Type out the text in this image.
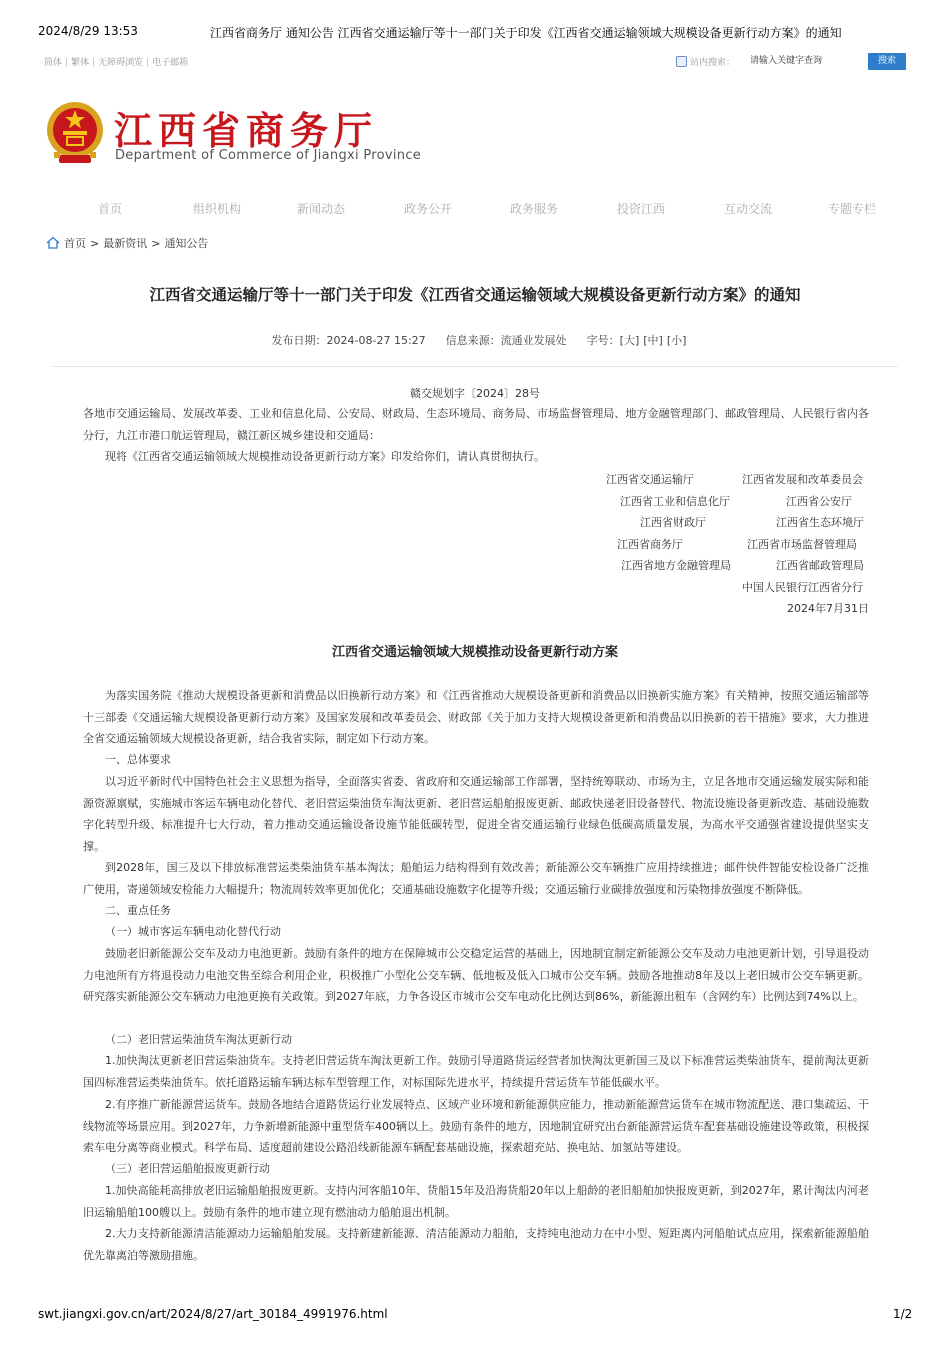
2024/8/29 13:53	江西省商务厅 通知公告 江西省交通运输厅等十一部门关于印发《江西省交通运输领域大规模设备更新行动方案》的通知
简体 | 繁体 | 无障碍浏览 | 电子邮箱	站内搜索： 请输入关键字查询	搜索
江西省商务厅
Department of Commerce of Jiangxi Province
首页	组织机构	新闻动态	政务公开	政务服务	投资江西	互动交流	专题专栏
首页 > 最新资讯 > 通知公告
江西省交通运输厅等十一部门关于印发《江西省交通运输领域大规模设备更新行动方案》的通知
发布日期：2024-08-27 15:27 信息来源：流通业发展处 字号：[大] [中] [小]
赣交规划字〔2024〕28号
各地市交通运输局、发展改革委、工业和信息化局、公安局、财政局、生态环境局、商务局、市场监督管理局、地方金融管理部门、邮政管理局、人民银行省内各分行，九江市港口航运管理局，赣江新区城乡建设和交通局：
现将《江西省交通运输领域大规模推动设备更新行动方案》印发给你们，请认真贯彻执行。
江西省交通运输厅	江西省发展和改革委员会
江西省工业和信息化厅	江西省公安厅
江西省财政厅	江西省生态环境厅
江西省商务厅	江西省市场监督管理局
江西省地方金融管理局	江西省邮政管理局
中国人民银行江西省分行
2024年7月31日
江西省交通运输领域大规模推动设备更新行动方案
为落实国务院《推动大规模设备更新和消费品以旧换新行动方案》和《江西省推动大规模设备更新和消费品以旧换新实施方案》有关精神，按照交通运输部等十三部委《交通运输大规模设备更新行动方案》及国家发展和改革委员会、财政部《关于加力支持大规模设备更新和消费品以旧换新的若干措施》要求，大力推进全省交通运输领域大规模设备更新，结合我省实际，制定如下行动方案。
一、总体要求
以习近平新时代中国特色社会主义思想为指导，全面落实省委、省政府和交通运输部工作部署，坚持统筹联动、市场为主，立足各地市交通运输发展实际和能源资源禀赋，实施城市客运车辆电动化替代、老旧营运柴油货车淘汰更新、老旧营运船舶报废更新、邮政快递老旧设备替代、物流设施设备更新改造、基础设施数字化转型升级、标准提升七大行动，着力推动交通运输设备设施节能低碳转型，促进全省交通运输行业绿色低碳高质量发展，为高水平交通强省建设提供坚实支撑。
到2028年，国三及以下排放标准营运类柴油货车基本淘汰；船舶运力结构得到有效改善；新能源公交车辆推广应用持续推进；邮件快件智能安检设备广泛推广使用，寄递领域安检能力大幅提升；物流周转效率更加优化；交通基础设施数字化提等升级；交通运输行业碳排放强度和污染物排放强度不断降低。
二、重点任务
（一）城市客运车辆电动化替代行动
鼓励老旧新能源公交车及动力电池更新。鼓励有条件的地方在保障城市公交稳定运营的基础上，因地制宜制定新能源公交车及动力电池更新计划，引导退役动力电池所有方将退役动力电池交售至综合利用企业，积极推广小型化公交车辆、低地板及低入口城市公交车辆。鼓励各地推动8年及以上老旧城市公交车辆更新。研究落实新能源公交车辆动力电池更换有关政策。到2027年底，力争各设区市城市公交车电动化比例达到86%，新能源出租车（含网约车）比例达到74%以上。
（二）老旧营运柴油货车淘汰更新行动
1.加快淘汰更新老旧营运柴油货车。支持老旧营运货车淘汰更新工作。鼓励引导道路货运经营者加快淘汰更新国三及以下标准营运类柴油货车，提前淘汰更新国四标准营运类柴油货车。依托道路运输车辆达标车型管理工作，对标国际先进水平，持续提升营运货车节能低碳水平。
2.有序推广新能源营运货车。鼓励各地结合道路货运行业发展特点、区域产业环境和新能源供应能力，推动新能源营运货车在城市物流配送、港口集疏运、干线物流等场景应用。到2027年，力争新增新能源中重型货车400辆以上。鼓励有条件的地方，因地制宜研究出台新能源营运货车配套基础设施建设等政策，积极探索车电分离等商业模式。科学布局、适度超前建设公路沿线新能源车辆配套基础设施，探索超充站、换电站、加氢站等建设。
（三）老旧营运船舶报废更新行动
1.加快高能耗高排放老旧运输船舶报废更新。支持内河客船10年、货船15年及沿海货船20年以上船龄的老旧船舶加快报废更新，到2027年，累计淘汰内河老旧运输船舶100艘以上。鼓励有条件的地市建立现有燃油动力船舶退出机制。
2.大力支持新能源清洁能源动力运输船舶发展。支持新建新能源、清洁能源动力船舶，支持纯电池动力在中小型、短距离内河船舶试点应用，探索新能源船舶优先靠离泊等激励措施。
swt.jiangxi.gov.cn/art/2024/8/27/art_30184_4991976.html	1/2
